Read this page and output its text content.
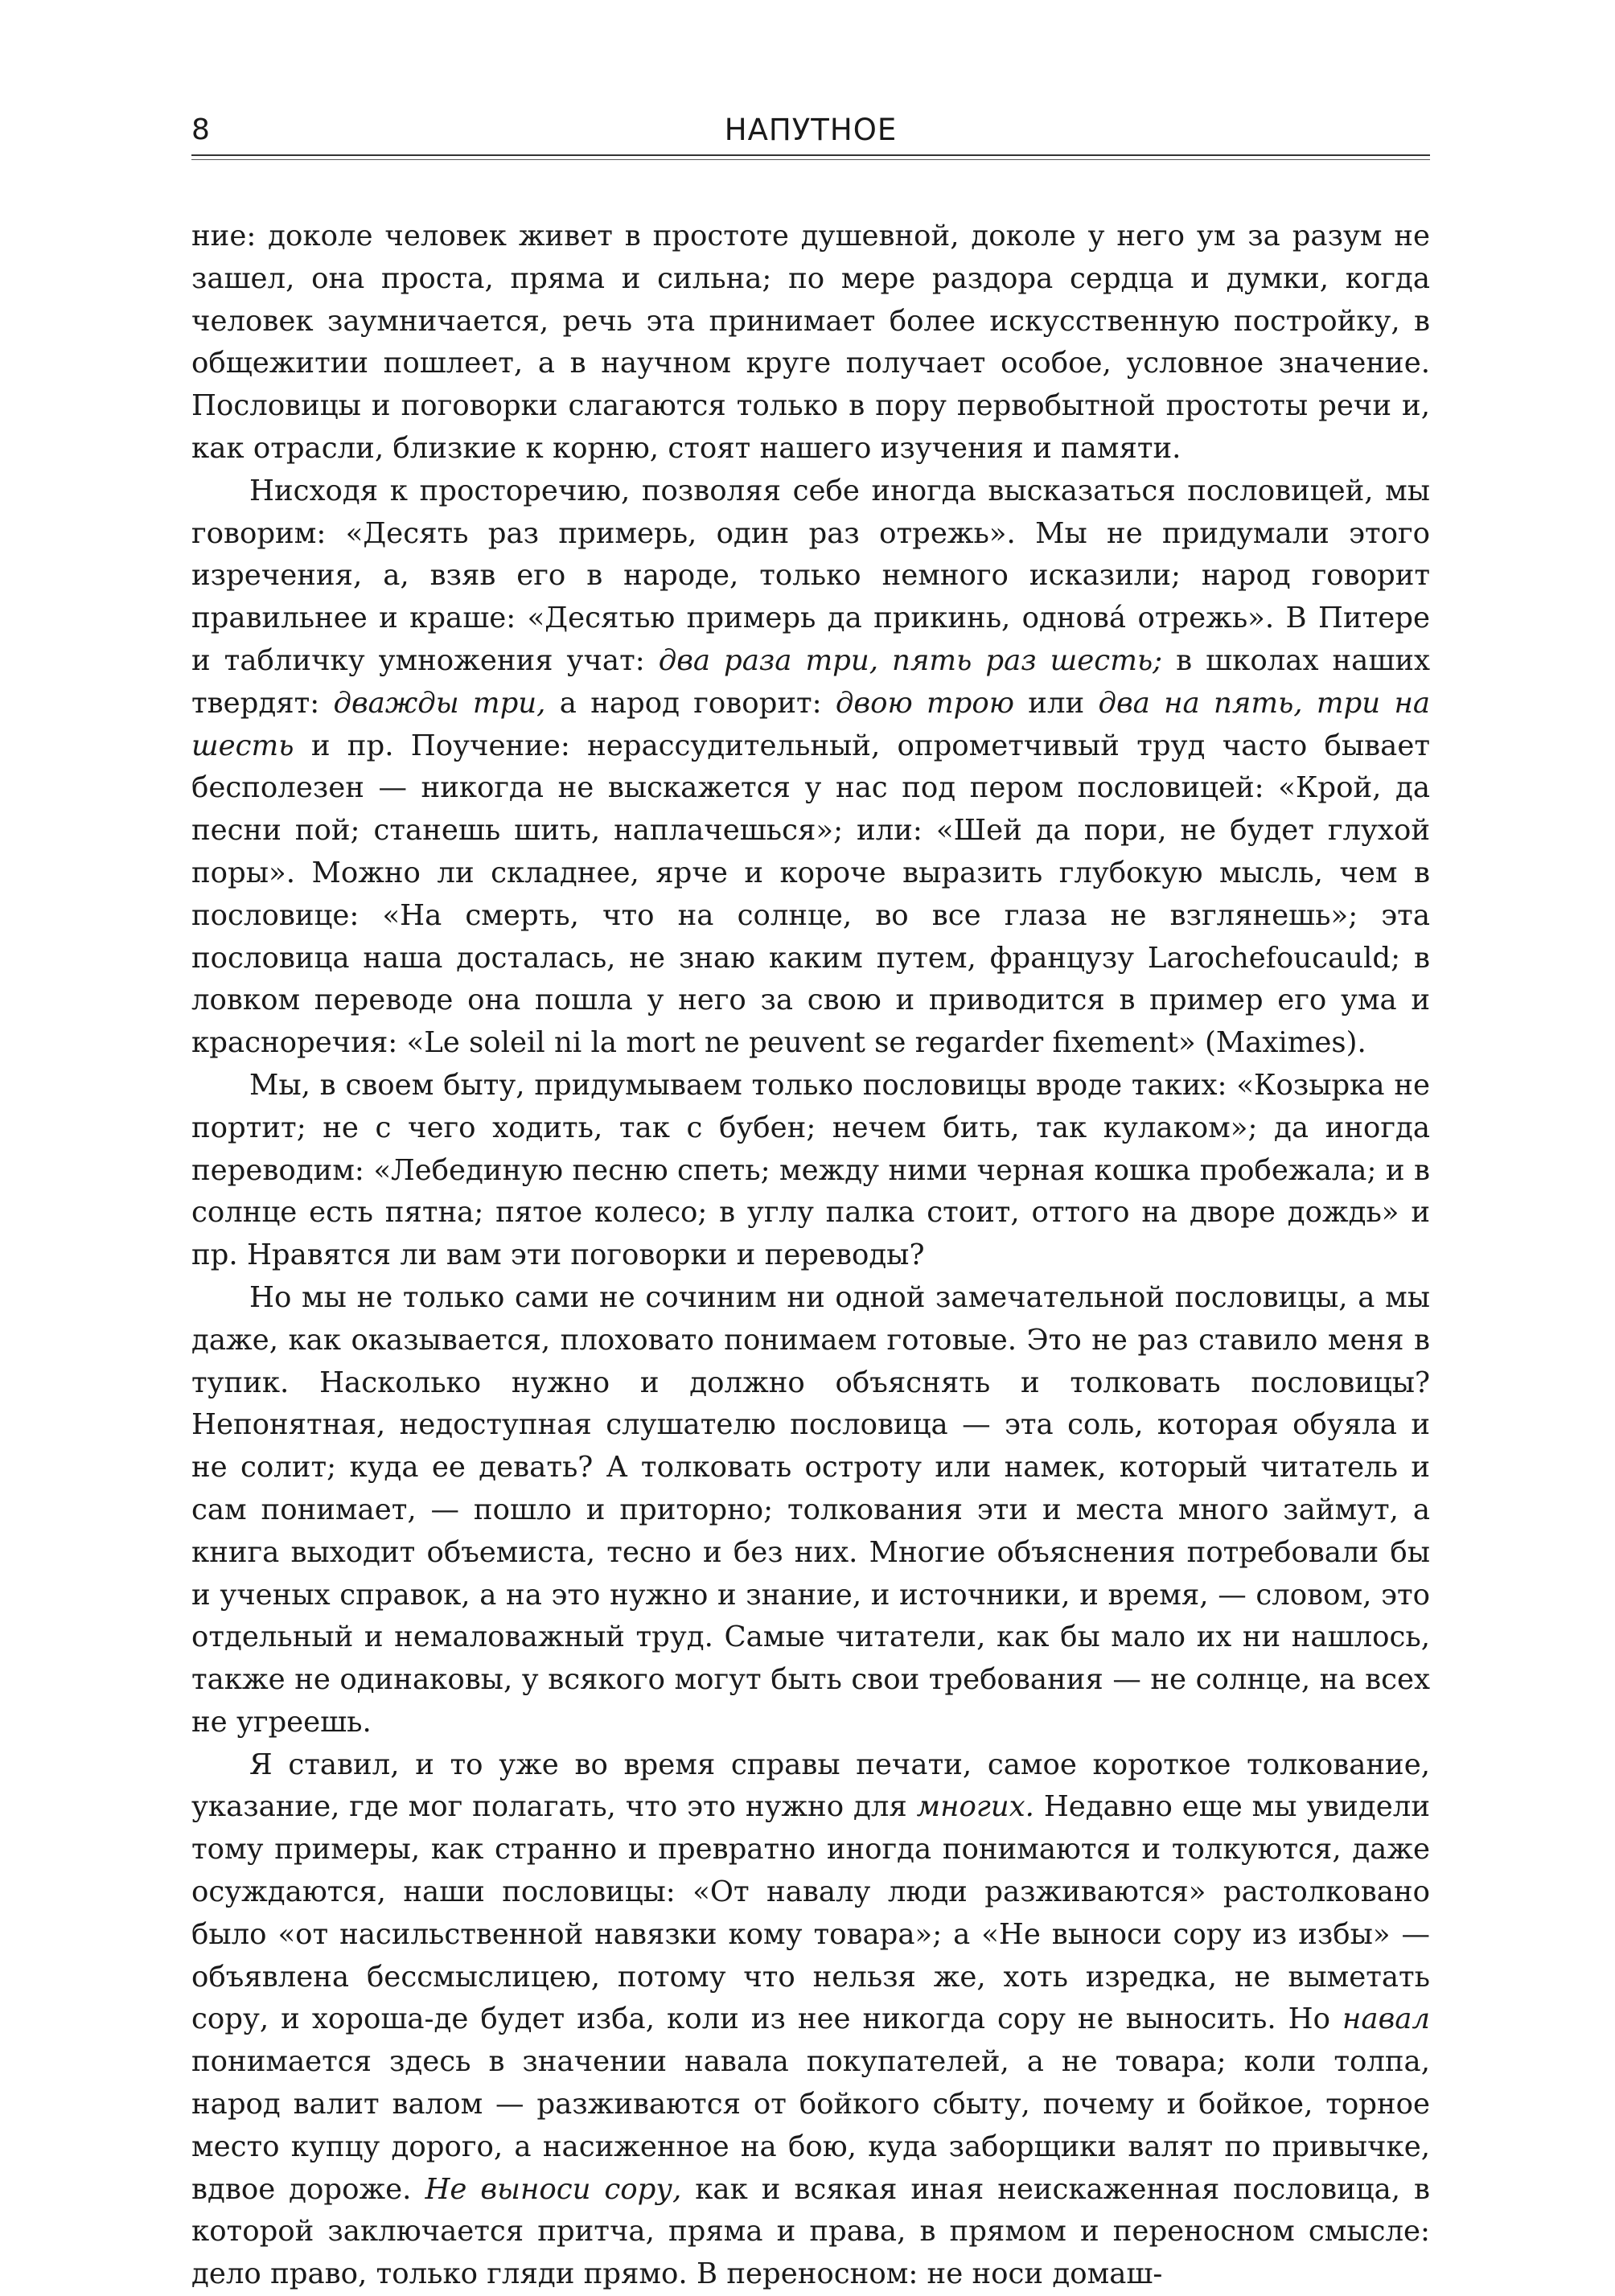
8	НАПУТНОЕ

ние: доколе человек живет в простоте душевной, доколе у него ум за разум не зашел, она проста, пряма и сильна; по мере раздора сердца и думки, когда человек заумничается, речь эта принимает более искусственную постройку, в общежитии пошлеет, а в научном круге получает особое, условное значение. Пословицы и поговорки слагаются только в пору первобытной простоты речи и, как отрасли, близкие к корню, стоят нашего изучения и памяти.

Нисходя к просторечию, позволяя себе иногда высказаться пословицей, мы говорим: «Десять раз примерь, один раз отрежь». Мы не придумали этого изречения, а, взяв его в народе, только немного исказили; народ говорит правильнее и краше: «Десятью примерь да прикинь, однова́ отрежь». В Питере и табличку умножения учат: два раза три, пять раз шесть; в школах наших твердят: дважды три, а народ говорит: двою трою или два на пять, три на шесть и пр. Поучение: нерассудительный, опрометчивый труд часто бывает бесполезен — никогда не выскажется у нас под пером пословицей: «Крой, да песни пой; станешь шить, наплачешься»; или: «Шей да пори, не будет глухой поры». Можно ли складнее, ярче и короче выразить глубокую мысль, чем в пословице: «На смерть, что на солнце, во все глаза не взглянешь»; эта пословица наша досталась, не знаю каким путем, французу Larochefoucauld; в ловком переводе она пошла у него за свою и приводится в пример его ума и красноречия: «Le soleil ni la mort ne peuvent se regarder fixement» (Maximes).

Мы, в своем быту, придумываем только пословицы вроде таких: «Козырка не портит; не с чего ходить, так с бубен; нечем бить, так кулаком»; да иногда переводим: «Лебединую песню спеть; между ними черная кошка пробежала; и в солнце есть пятна; пятое колесо; в углу палка стоит, оттого на дворе дождь» и пр. Нравятся ли вам эти поговорки и переводы?

Но мы не только сами не сочиним ни одной замечательной пословицы, а мы даже, как оказывается, плоховато понимаем готовые. Это не раз ставило меня в тупик. Насколько нужно и должно объяснять и толковать пословицы? Непонятная, недоступная слушателю пословица — эта соль, которая обуяла и не солит; куда ее девать? А толковать остроту или намек, который читатель и сам понимает, — пошло и приторно; толкования эти и места много займут, а книга выходит объемиста, тесно и без них. Многие объяснения потребовали бы и ученых справок, а на это нужно и знание, и источники, и время, — словом, это отдельный и немаловажный труд. Самые читатели, как бы мало их ни нашлось, также не одинаковы, у всякого могут быть свои требования — не солнце, на всех не угреешь.

Я ставил, и то уже во время справы печати, самое короткое толкование, указание, где мог полагать, что это нужно для многих. Недавно еще мы увидели тому примеры, как странно и превратно иногда понимаются и толкуются, даже осуждаются, наши пословицы: «От навалу люди разживаются» растолковано было «от насильственной навязки кому товара»; а «Не выноси сору из избы» — объявлена бессмыслицею, потому что нельзя же, хоть изредка, не выметать сору, и хороша-де будет изба, коли из нее никогда сору не выносить. Но навал понимается здесь в значении навала покупателей, а не товара; коли толпа, народ валит валом — разживаются от бойкого сбыту, почему и бойкое, торное место купцу дорого, а насиженное на бою, куда заборщики валят по привычке, вдвое дороже. Не выноси сору, как и всякая иная неискаженная пословица, в которой заключается притча, пряма и права, в прямом и переносном смысле: дело право, только гляди прямо. В переносном: не носи домаш-
